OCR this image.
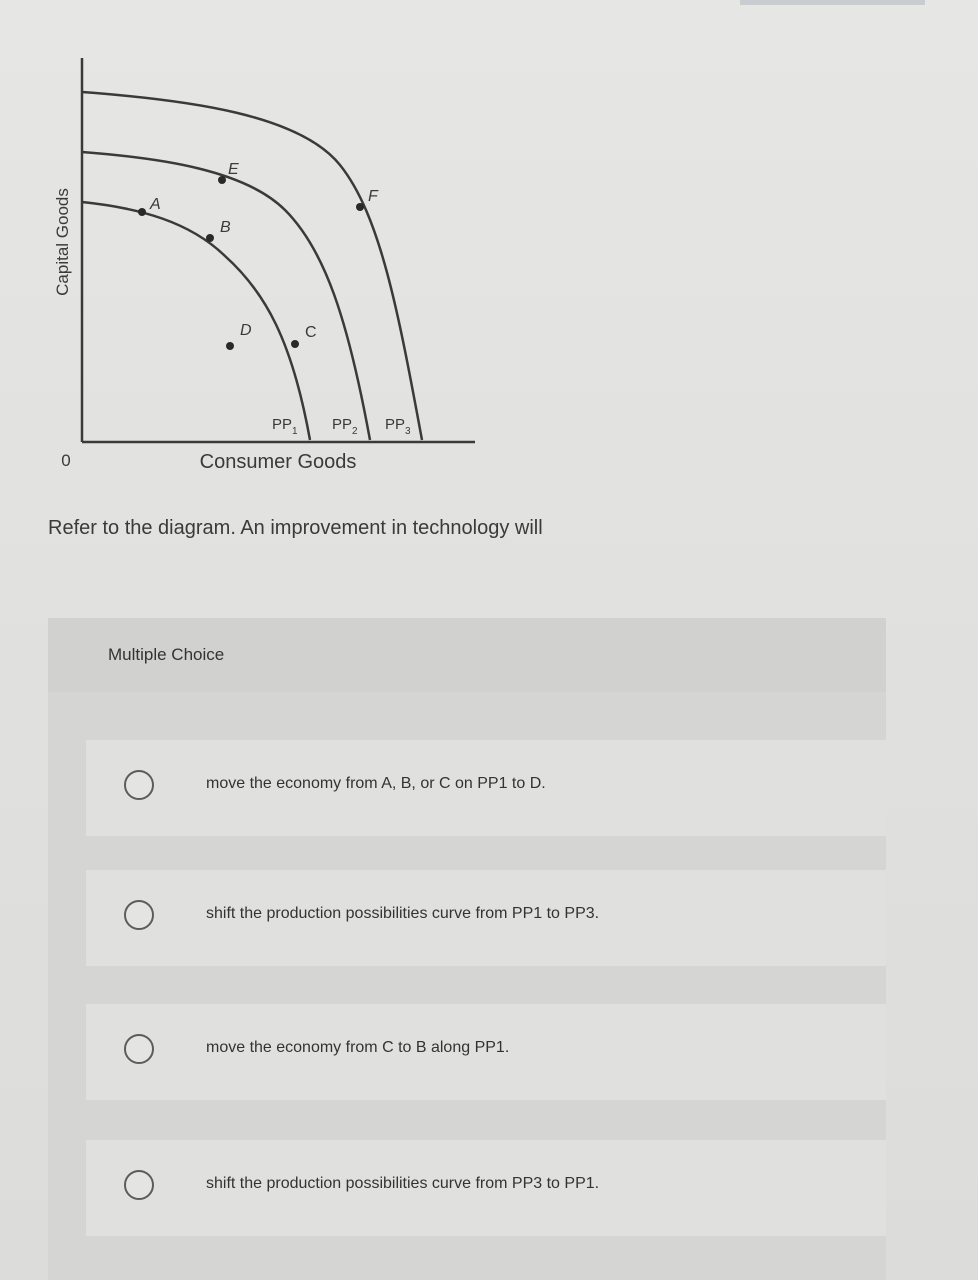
A
B
C
D
E
F
$PP_1$ $PP_2$ $PP_3$
Capital Goods
Consumer Goods
0

Refer to the diagram. An improvement in technology will

Multiple Choice
move the economy from A, B, or C on PP1 to D.
shift the production possibilities curve from PP1 to PP3.
move the economy from C to B along PP1.
shift the production possibilities curve from PP3 to PP1.
